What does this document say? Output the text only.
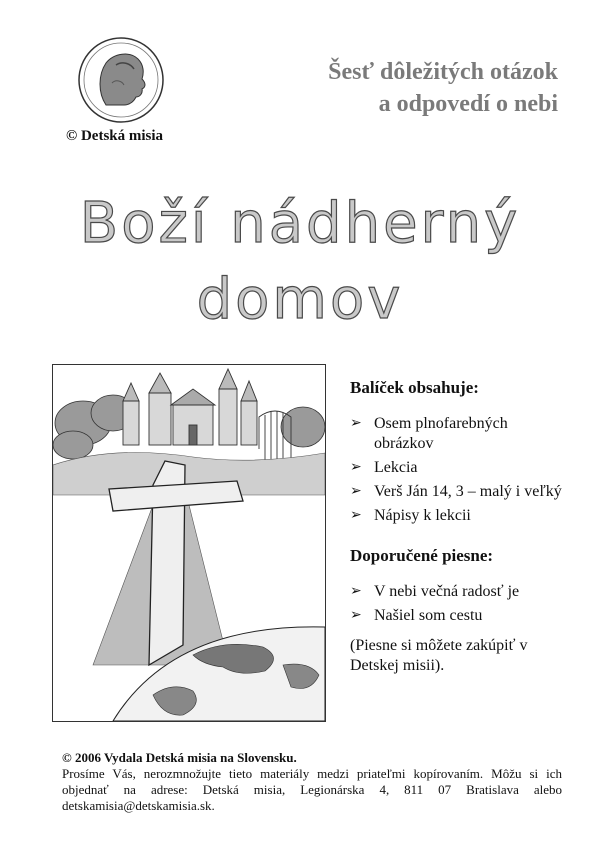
© Detská misia
Šesť dôležitých otázok
a odpovedí o nebi
Boží nádherný
domov
Balíček obsahuje:
➢ Osem plnofarebných obrázkov
➢ Lekcia
➢ Verš Ján 14, 3 – malý i veľký
➢ Nápisy k lekcii
Doporučené piesne:
➢ V nebi večná radosť je
➢ Našiel som cestu
(Piesne si môžete zakúpiť v Detskej misii).
© 2006 Vydala Detská misia na Slovensku.
Prosíme Vás, nerozmnožujte tieto materiály medzi priateľmi kopírovaním. Môžu si ich objednať na adrese: Detská misia, Legionárska 4, 811 07 Bratislava alebo detskamisia@detskamisia.sk.
